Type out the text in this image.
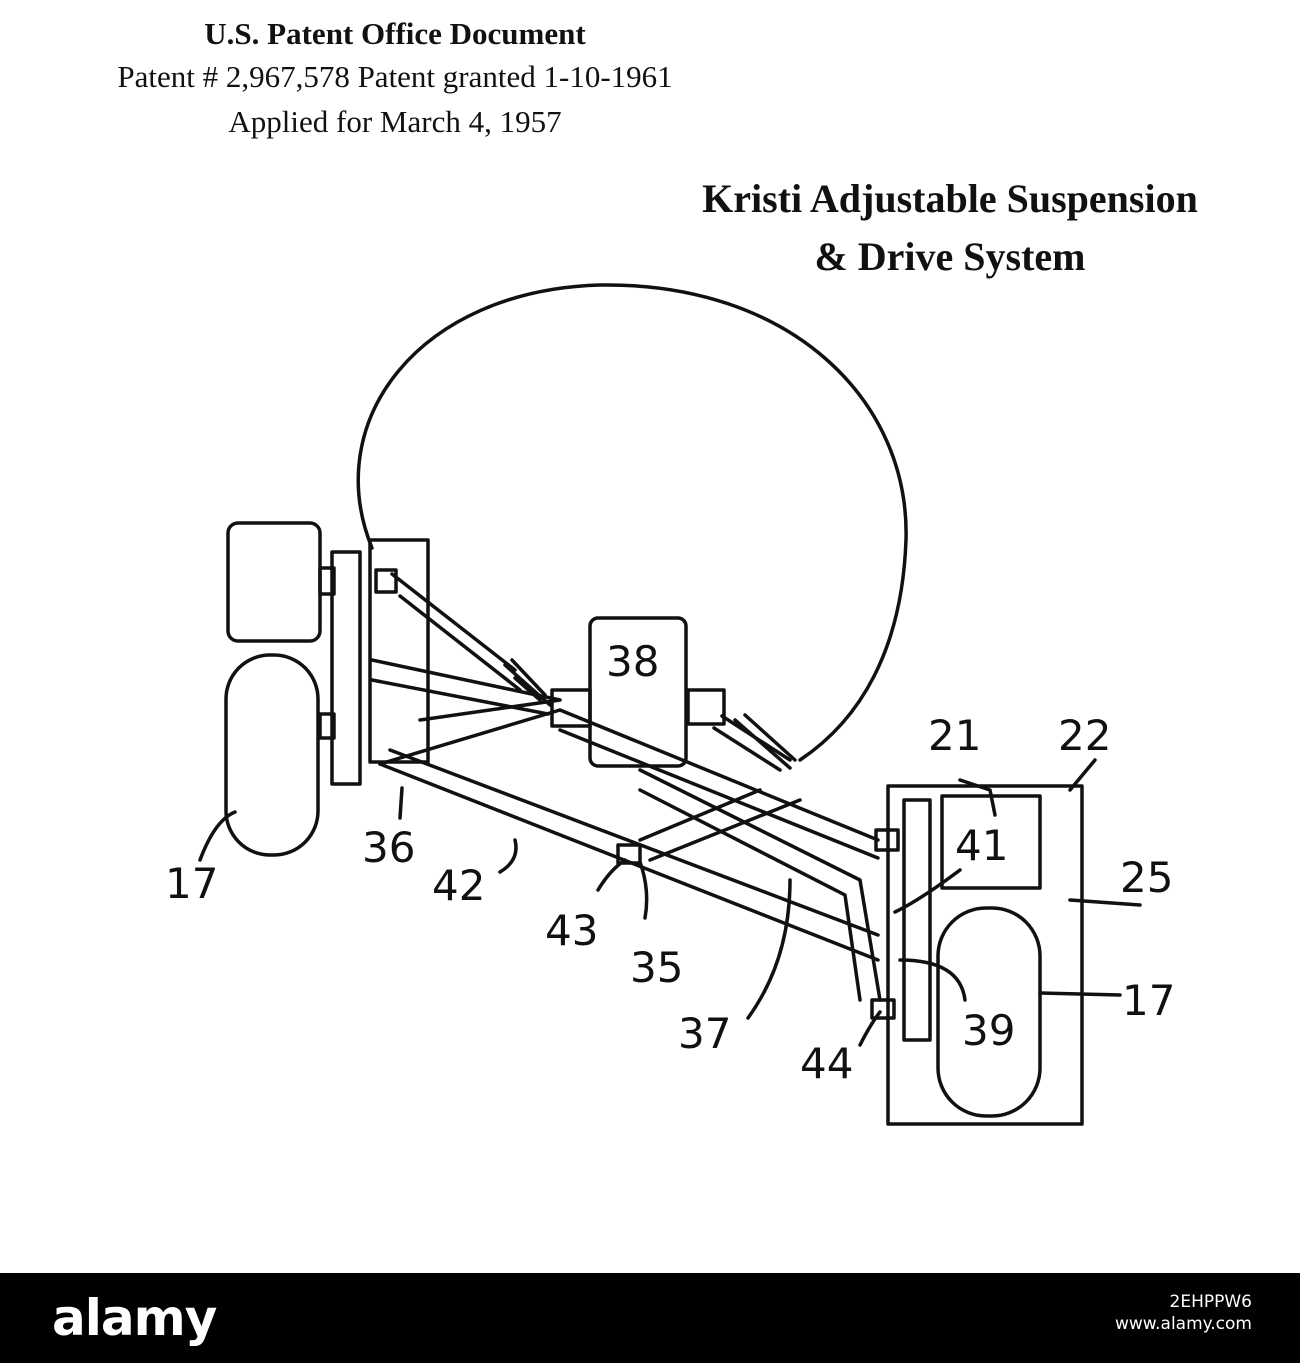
U.S. Patent Office Document
Patent # 2,967,578 Patent granted 1-10-1961
Applied for March 4, 1957
Kristi Adjustable Suspension
& Drive System
17
36
42
43
35
38
37
44
21 22
41
25
39
17
alamy	2EHPPW6
www.alamy.com
